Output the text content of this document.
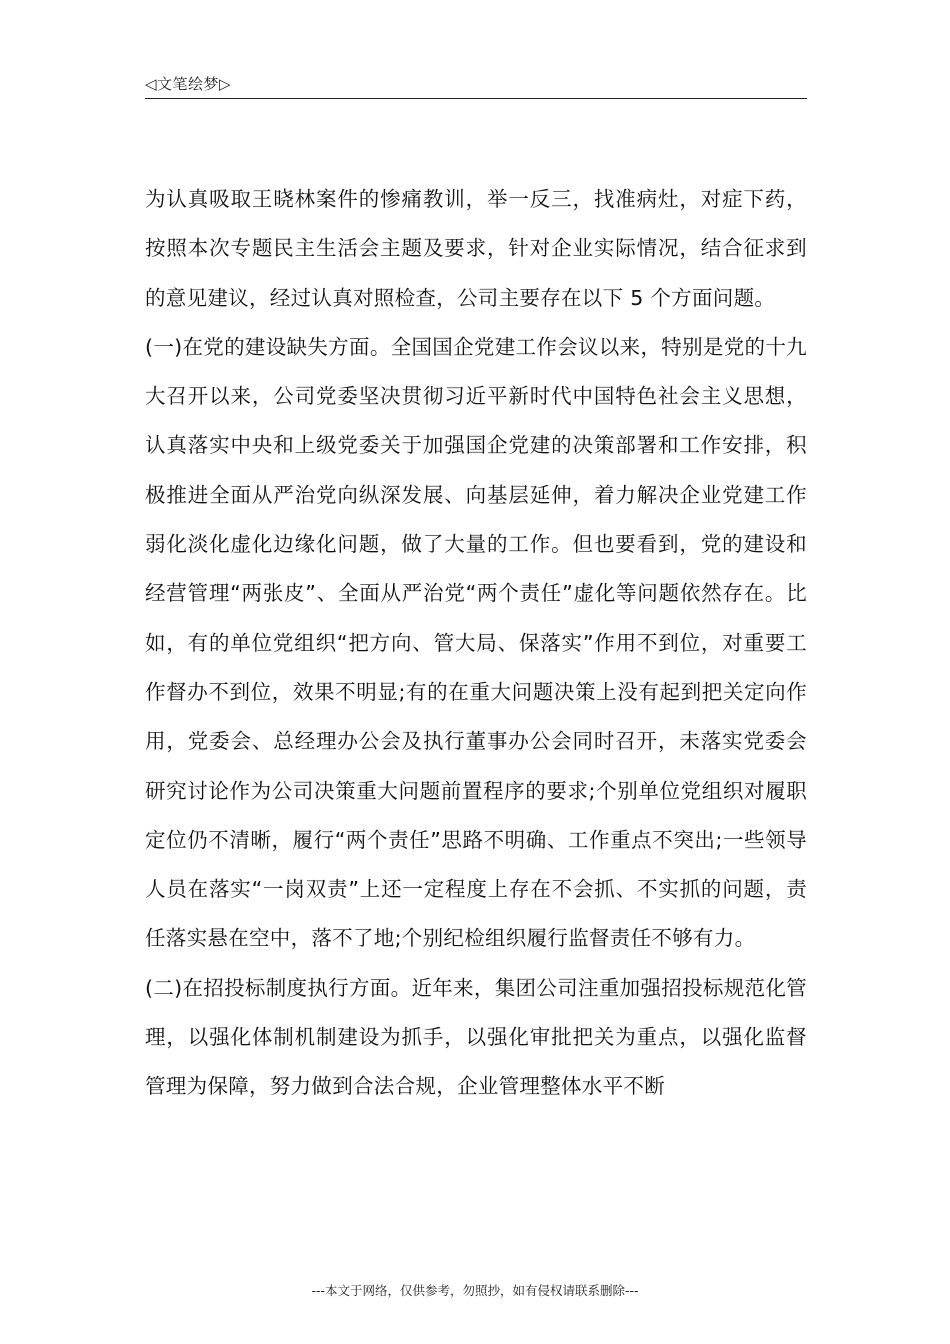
◁文笔绘梦▷

为认真吸取王晓林案件的惨痛教训，举一反三，找准病灶，对症下药，按照本次专题民主生活会主题及要求，针对企业实际情况，结合征求到的意见建议，经过认真对照检查，公司主要存在以下 5 个方面问题。

(一)在党的建设缺失方面。全国国企党建工作会议以来，特别是党的十九大召开以来，公司党委坚决贯彻习近平新时代中国特色社会主义思想，认真落实中央和上级党委关于加强国企党建的决策部署和工作安排，积极推进全面从严治党向纵深发展、向基层延伸，着力解决企业党建工作弱化淡化虚化边缘化问题，做了大量的工作。但也要看到，党的建设和经营管理“两张皮”、全面从严治党“两个责任”虚化等问题依然存在。比如，有的单位党组织“把方向、管大局、保落实”作用不到位，对重要工作督办不到位，效果不明显;有的在重大问题决策上没有起到把关定向作用，党委会、总经理办公会及执行董事办公会同时召开，未落实党委会研究讨论作为公司决策重大问题前置程序的要求;个别单位党组织对履职定位仍不清晰，履行“两个责任”思路不明确、工作重点不突出;一些领导人员在落实“一岗双责”上还一定程度上存在不会抓、不实抓的问题，责任落实悬在空中，落不了地;个别纪检组织履行监督责任不够有力。

(二)在招投标制度执行方面。近年来，集团公司注重加强招投标规范化管理，以强化体制机制建设为抓手，以强化审批把关为重点，以强化监督管理为保障，努力做到合法合规，企业管理整体水平不断

---本文于网络，仅供参考，勿照抄，如有侵权请联系删除---
